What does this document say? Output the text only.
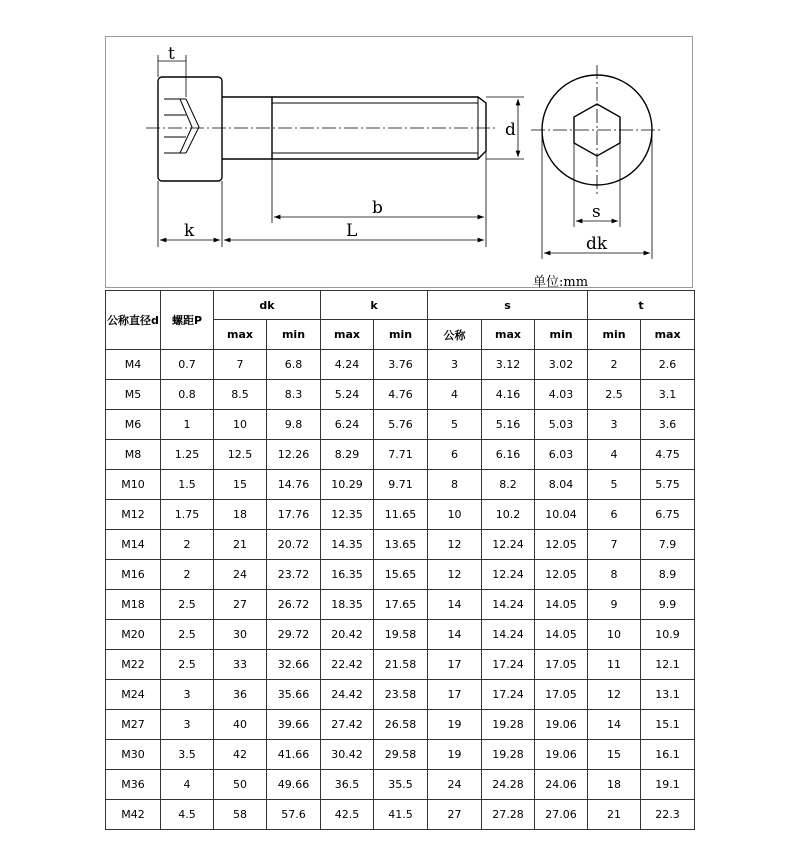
t
k	L
b
d
s
dk
单位:mm
公称直径d	螺距P	dk		k		s			t	
		max	min	max	min	公称	max	min	min	max
M4	0.7	7	6.8	4.24	3.76	3	3.12	3.02	2	2.6
M5	0.8	8.5	8.3	5.24	4.76	4	4.16	4.03	2.5	3.1
M6	1	10	9.8	6.24	5.76	5	5.16	5.03	3	3.6
M8	1.25	12.5	12.26	8.29	7.71	6	6.16	6.03	4	4.75
M10	1.5	15	14.76	10.29	9.71	8	8.2	8.04	5	5.75
M12	1.75	18	17.76	12.35	11.65	10	10.2	10.04	6	6.75
M14	2	21	20.72	14.35	13.65	12	12.24	12.05	7	7.9
M16	2	24	23.72	16.35	15.65	12	12.24	12.05	8	8.9
M18	2.5	27	26.72	18.35	17.65	14	14.24	14.05	9	9.9
M20	2.5	30	29.72	20.42	19.58	14	14.24	14.05	10	10.9
M22	2.5	33	32.66	22.42	21.58	17	17.24	17.05	11	12.1
M24	3	36	35.66	24.42	23.58	17	17.24	17.05	12	13.1
M27	3	40	39.66	27.42	26.58	19	19.28	19.06	14	15.1
M30	3.5	42	41.66	30.42	29.58	19	19.28	19.06	15	16.1
M36	4	50	49.66	36.5	35.5	24	24.28	24.06	18	19.1
M42	4.5	58	57.6	42.5	41.5	27	27.28	27.06	21	22.3
